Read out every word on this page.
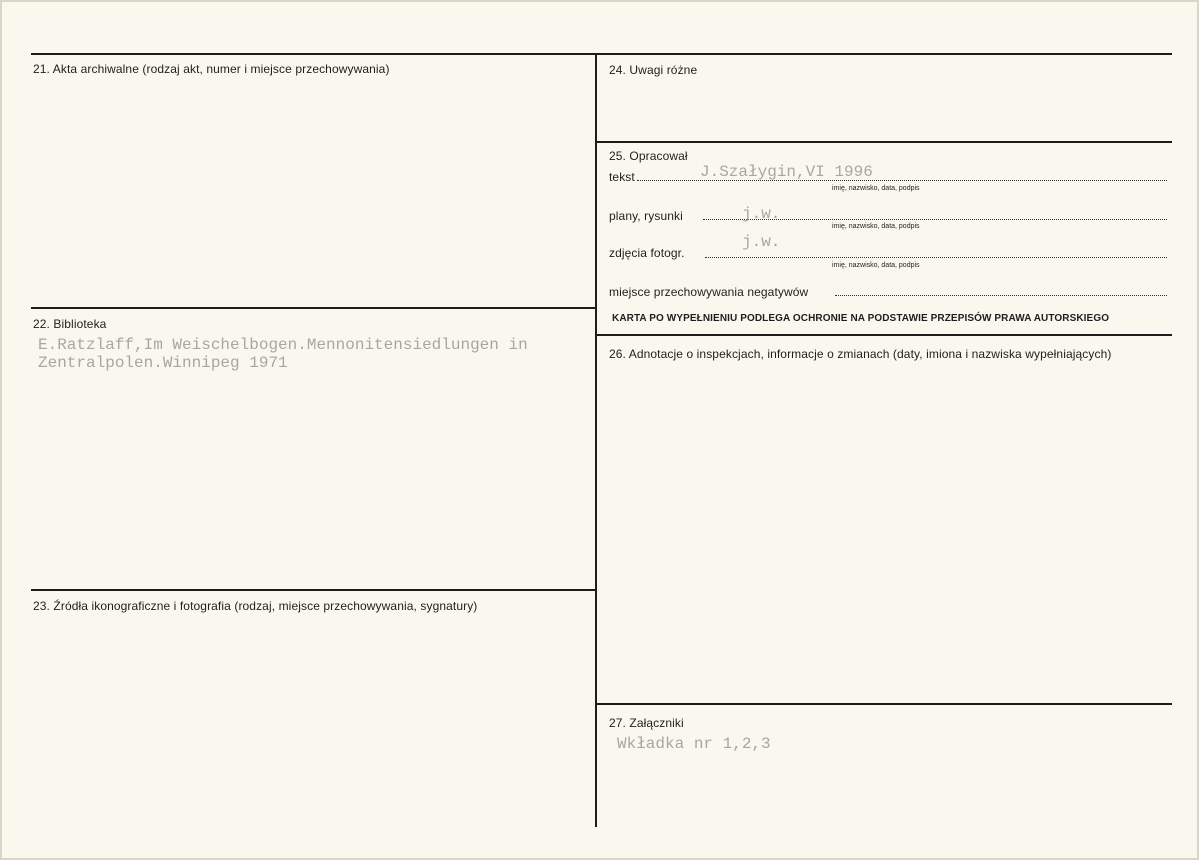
21. Akta archiwalne (rodzaj akt, numer i miejsce przechowywania)
22. Biblioteka
E.Ratzlaff,Im Weischelbogen.Mennonitensiedlungen in
Zentralpolen.Winnipeg 1971
23. Źródła ikonograficzne i fotografia (rodzaj, miejsce przechowywania, sygnatury)
24. Uwagi różne
25. Opracował
tekst	J.Szałygin,VI 1996
imię, nazwisko, data, podpis
plany, rysunki	j.w.
imię, nazwisko, data, podpis
zdjęcia fotogr.
j.w.
imię, nazwisko, data, podpis
miejsce przechowywania negatywów
KARTA PO WYPEŁNIENIU PODLEGA OCHRONIE NA PODSTAWIE PRZEPISÓW PRAWA AUTORSKIEGO
26. Adnotacje o inspekcjach, informacje o zmianach (daty, imiona i nazwiska wypełniających)
27. Załączniki
Wkładka nr 1,2,3
